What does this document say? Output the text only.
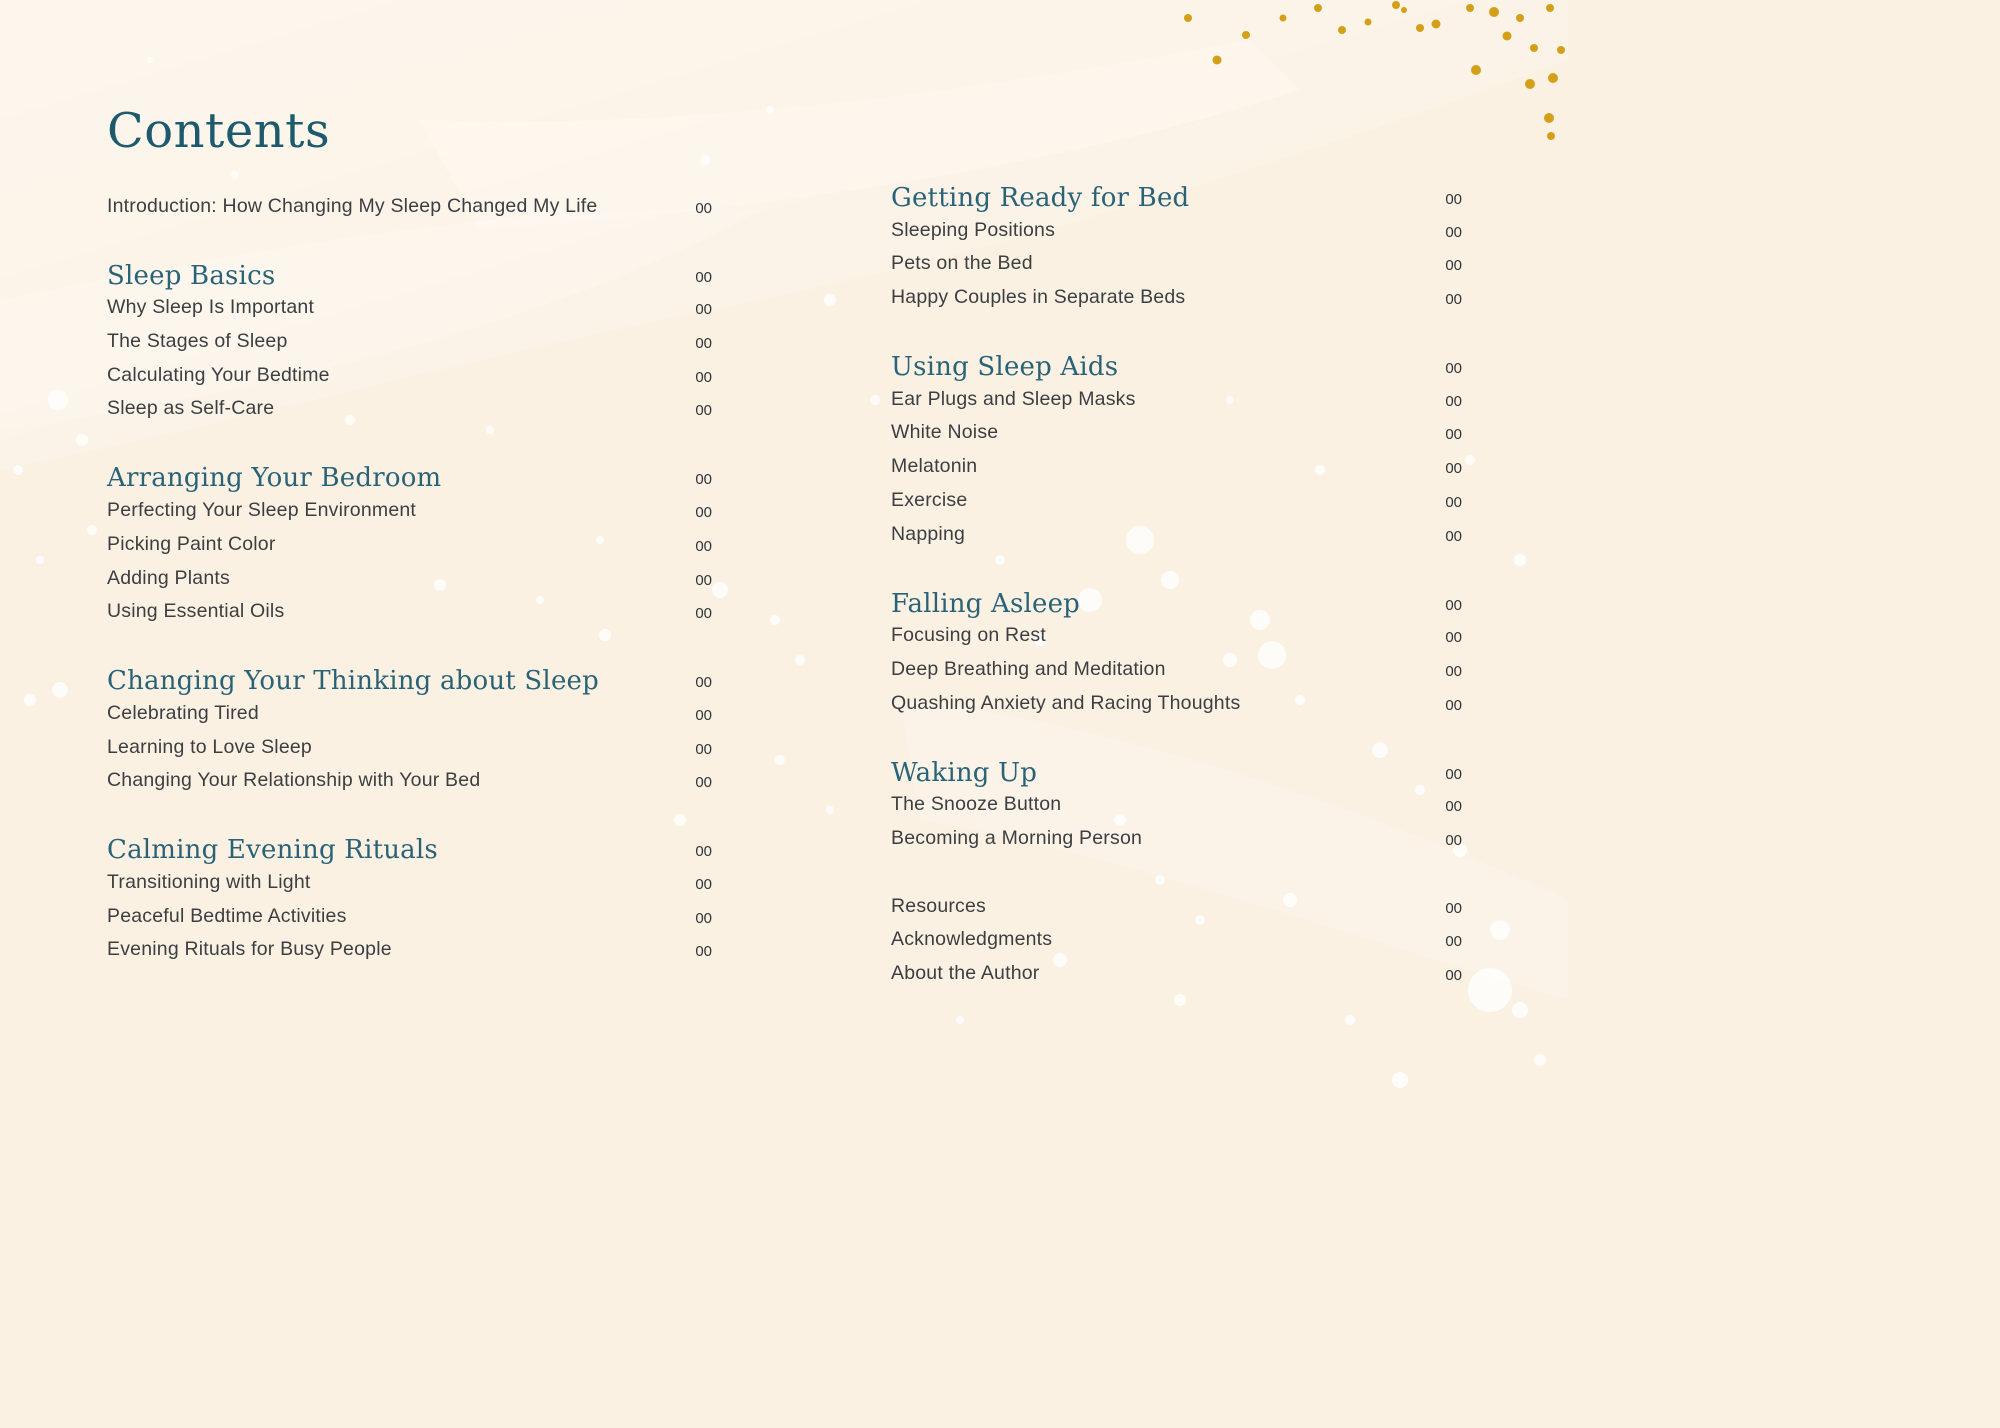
Contents
Introduction: How Changing My Sleep Changed My Life	00
Sleep Basics	00
Why Sleep Is Important	00
The Stages of Sleep	00
Calculating Your Bedtime	00
Sleep as Self-Care	00
Arranging Your Bedroom	00
Perfecting Your Sleep Environment	00
Picking Paint Color	00
Adding Plants	00
Using Essential Oils	00
Changing Your Thinking about Sleep	00
Celebrating Tired	00
Learning to Love Sleep	00
Changing Your Relationship with Your Bed	00
Calming Evening Rituals	00
Transitioning with Light	00
Peaceful Bedtime Activities	00
Evening Rituals for Busy People	00
Getting Ready for Bed	00
Sleeping Positions	00
Pets on the Bed	00
Happy Couples in Separate Beds	00
Using Sleep Aids	00
Ear Plugs and Sleep Masks	00
White Noise	00
Melatonin	00
Exercise	00
Napping	00
Falling Asleep	00
Focusing on Rest	00
Deep Breathing and Meditation	00
Quashing Anxiety and Racing Thoughts	00
Waking Up	00
The Snooze Button	00
Becoming a Morning Person	00
Resources	00
Acknowledgments	00
About the Author	00
